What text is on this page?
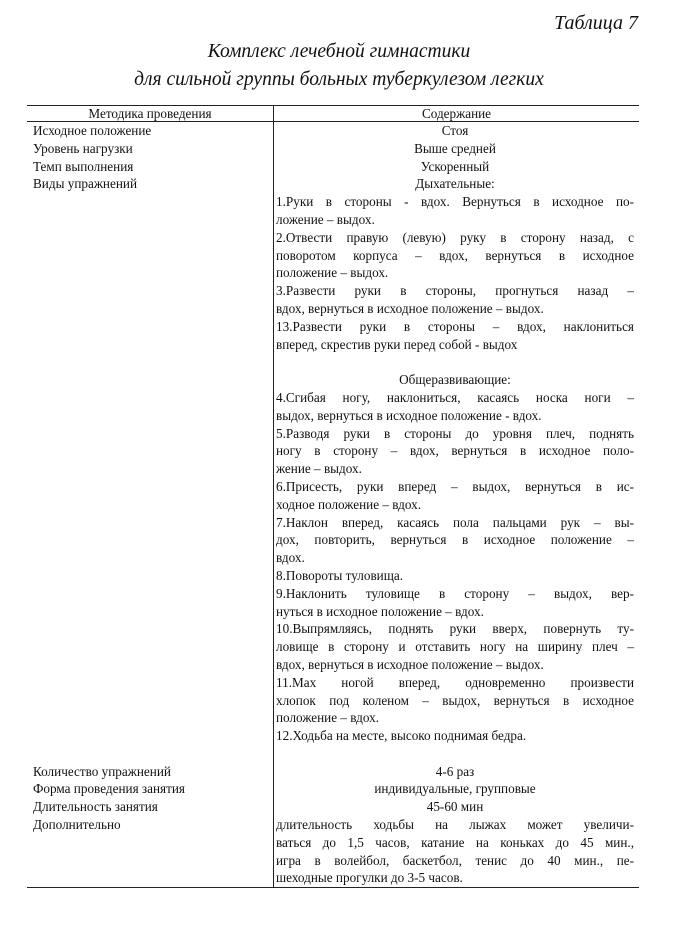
Таблица 7
Комплекс лечебной гимнастики
для сильной группы больных туберкулезом легких
Методика проведения	Содержание
Исходное положение
Уровень нагрузки
Темп выполнения
Виды упражнений
Количество упражнений
Форма проведения занятия
Длительность занятия
Дополнительно
Стоя
Выше средней
Ускоренный
Дыхательные:
1.Руки в стороны - вдох. Вернуться в исходное по-
ложение – выдох.
2.Отвести правую (левую) руку в сторону назад, с
поворотом корпуса – вдох, вернуться в исходное
положение – выдох.
3.Развести руки в стороны, прогнуться назад –
вдох, вернуться в исходное положение – выдох.
13.Развести руки в стороны – вдох, наклониться
вперед, скрестив руки перед собой - выдох
Общеразвивающие:
4.Сгибая ногу, наклониться, касаясь носка ноги –
выдох, вернуться в исходное положение - вдох.
5.Разводя руки в стороны до уровня плеч, поднять
ногу в сторону – вдох, вернуться в исходное поло-
жение – выдох.
6.Присесть, руки вперед – выдох, вернуться в ис-
ходное положение – вдох.
7.Наклон вперед, касаясь пола пальцами рук – вы-
дох, повторить, вернуться в исходное положение –
вдох.
8.Повороты туловища.
9.Наклонить туловище в сторону – выдох, вер-
нуться в исходное положение – вдох.
10.Выпрямляясь, поднять руки вверх, повернуть ту-
ловище в сторону и отставить ногу на ширину плеч –
вдох, вернуться в исходное положение – выдох.
11.Мах ногой вперед, одновременно произвести
хлопок под коленом – выдох, вернуться в исходное
положение – вдох.
12.Ходьба на месте, высоко поднимая бедра.
4-6 раз
индивидуальные, групповые
45-60 мин
длительность ходьбы на лыжах может увеличи-
ваться до 1,5 часов, катание на коньках до 45 мин.,
игра в волейбол, баскетбол, тенис до 40 мин., пе-
шеходные прогулки до 3-5 часов.
